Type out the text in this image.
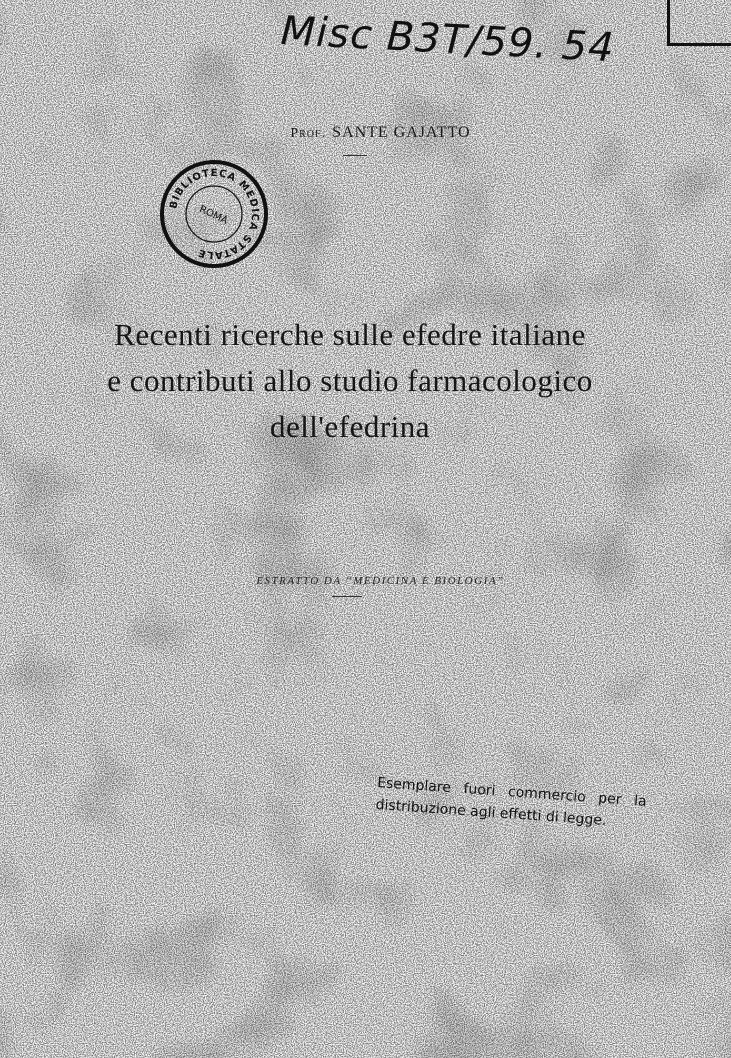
Misc B3T/59. 54
Prof. SANTE GAJATTO
BIBLIOTECA MEDICA STATALE
ROMA
Recenti ricerche sulle efedre italiane
e contributi allo studio farmacologico
dell'efedrina
ESTRATTO DA “MEDICINA E BIOLOGIA”
Esemplare fuori commercio per la distribuzione agli effetti di legge.
